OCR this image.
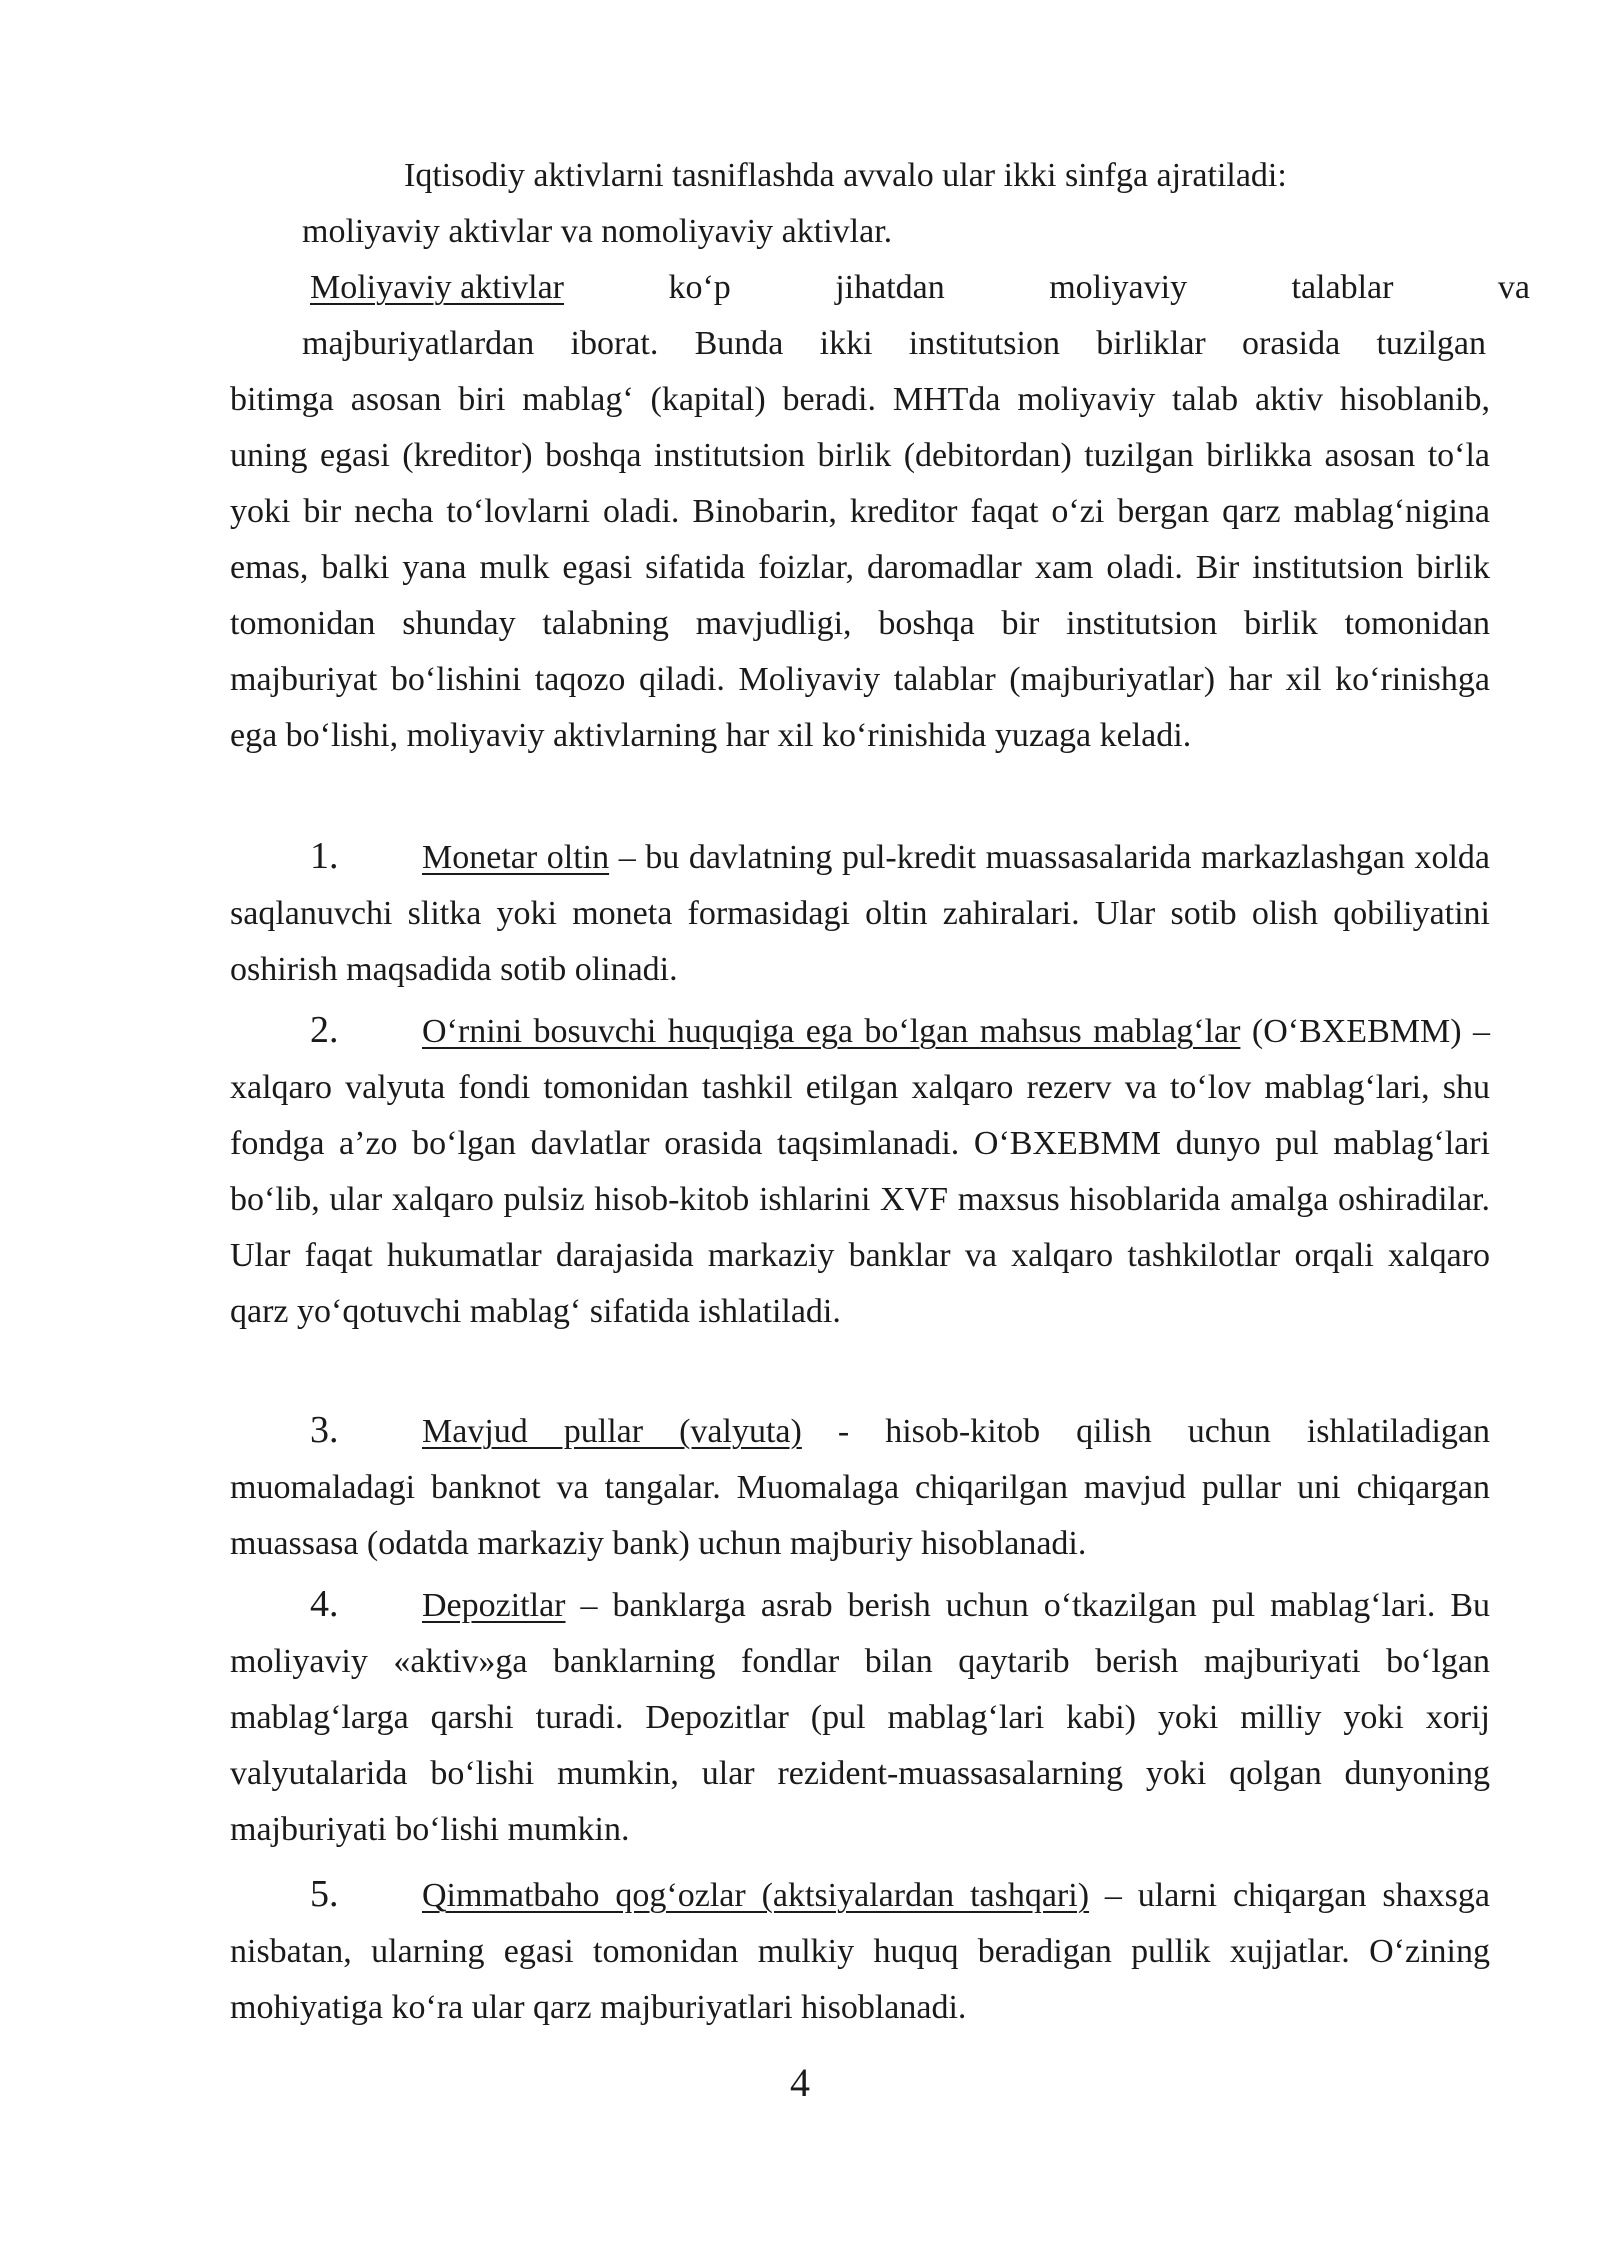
Iqtisodiy aktivlarni tasniflashda avvalo ular ikki sinfga ajratiladi:
moliyaviy aktivlar va nomoliyaviy aktivlar.
Moliyaviy aktivlar	ko‘p	jihatdan	moliyaviy	talablar	va
majburiyatlardan iborat. Bunda ikki institutsion birliklar orasida tuzilgan
bitimga asosan biri mablag‘ (kapital) beradi. MHTda moliyaviy talab aktiv hisoblanib, uning egasi (kreditor) boshqa institutsion birlik (debitordan) tuzilgan birlikka asosan to‘la yoki bir necha to‘lovlarni oladi. Binobarin, kreditor faqat o‘zi bergan qarz mablag‘nigina emas, balki yana mulk egasi sifatida foizlar, daromadlar xam oladi. Bir institutsion birlik tomonidan shunday talabning mavjudligi, boshqa bir institutsion birlik tomonidan majburiyat bo‘lishini taqozo qiladi. Moliyaviy talablar (majburiyatlar) har xil ko‘rinishga ega bo‘lishi, moliyaviy aktivlarning har xil ko‘rinishida yuzaga keladi.
1. Monetar oltin – bu davlatning pul-kredit muassasalarida markazlashgan xolda saqlanuvchi slitka yoki moneta formasidagi oltin zahiralari. Ular sotib olish qobiliyatini oshirish maqsadida sotib olinadi.
2. O‘rnini bosuvchi huquqiga ega bo‘lgan mahsus mablag‘lar (O‘BXEBMM) – xalqaro valyuta fondi tomonidan tashkil etilgan xalqaro rezerv va to‘lov mablag‘lari, shu fondga a’zo bo‘lgan davlatlar orasida taqsimlanadi. O‘BXEBMM dunyo pul mablag‘lari bo‘lib, ular xalqaro pulsiz hisob-kitob ishlarini XVF maxsus hisoblarida amalga oshiradilar. Ular faqat hukumatlar darajasida markaziy banklar va xalqaro tashkilotlar orqali xalqaro qarz yo‘qotuvchi mablag‘ sifatida ishlatiladi.
3. Mavjud pullar (valyuta) - hisob-kitob qilish uchun ishlatiladigan muomaladagi banknot va tangalar. Muomalaga chiqarilgan mavjud pullar uni chiqargan muassasa (odatda markaziy bank) uchun majburiy hisoblanadi.
4. Depozitlar – banklarga asrab berish uchun o‘tkazilgan pul mablag‘lari. Bu moliyaviy «aktiv»ga banklarning fondlar bilan qaytarib berish majburiyati bo‘lgan mablag‘larga qarshi turadi. Depozitlar (pul mablag‘lari kabi) yoki milliy yoki xorij valyutalarida bo‘lishi mumkin, ular rezident-muassasalarning yoki qolgan dunyoning majburiyati bo‘lishi mumkin.
5. Qimmatbaho qog‘ozlar (aktsiyalardan tashqari) – ularni chiqargan shaxsga nisbatan, ularning egasi tomonidan mulkiy huquq beradigan pullik xujjatlar. O‘zining mohiyatiga ko‘ra ular qarz majburiyatlari hisoblanadi.
4
